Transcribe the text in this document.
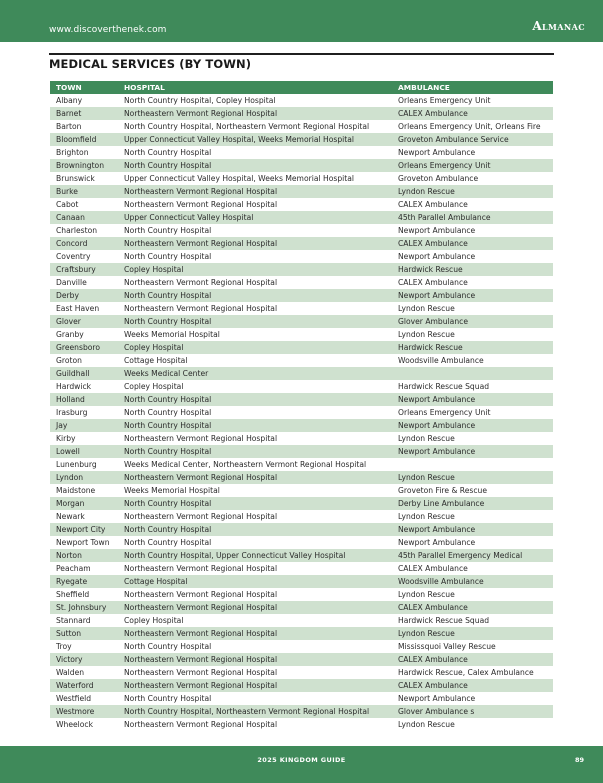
www.discoverthenek.com	Almanac
MEDICAL SERVICES (BY TOWN)
TOWN	HOSPITAL	AMBULANCE
Albany	North Country Hospital, Copley Hospital	Orleans Emergency Unit
Barnet	Northeastern Vermont Regional Hospital	CALEX Ambulance
Barton	North Country Hospital, Northeastern Vermont Regional Hospital	Orleans Emergency Unit, Orleans Fire
Bloomfield	Upper Connecticut Valley Hospital, Weeks Memorial Hospital	Groveton Ambulance Service
Brighton	North Country Hospital	Newport Ambulance
Brownington	North Country Hospital	Orleans Emergency Unit
Brunswick	Upper Connecticut Valley Hospital, Weeks Memorial Hospital	Groveton Ambulance
Burke	Northeastern Vermont Regional Hospital	Lyndon Rescue
Cabot	Northeastern Vermont Regional Hospital	CALEX Ambulance
Canaan	Upper Connecticut Valley Hospital	45th Parallel Ambulance
Charleston	North Country Hospital	Newport Ambulance
Concord	Northeastern Vermont Regional Hospital	CALEX Ambulance
Coventry	North Country Hospital	Newport Ambulance
Craftsbury	Copley Hospital	Hardwick Rescue
Danville	Northeastern Vermont Regional Hospital	CALEX Ambulance
Derby	North Country Hospital	Newport Ambulance
East Haven	Northeastern Vermont Regional Hospital	Lyndon Rescue
Glover	North Country Hospital	Glover Ambulance
Granby	Weeks Memorial Hospital	Lyndon Rescue
Greensboro	Copley Hospital	Hardwick Rescue
Groton	Cottage Hospital	Woodsville Ambulance
Guildhall	Weeks Medical Center	
Hardwick	Copley Hospital	Hardwick Rescue Squad
Holland	North Country Hospital	Newport Ambulance
Irasburg	North Country Hospital	Orleans Emergency Unit
Jay	North Country Hospital	Newport Ambulance
Kirby	Northeastern Vermont Regional Hospital	Lyndon Rescue
Lowell	North Country Hospital	Newport Ambulance
Lunenburg	Weeks Medical Center, Northeastern Vermont Regional Hospital	
Lyndon	Northeastern Vermont Regional Hospital	Lyndon Rescue
Maidstone	Weeks Memorial Hospital	Groveton Fire & Rescue
Morgan	North Country Hospital	Derby Line Ambulance
Newark	Northeastern Vermont Regional Hospital	Lyndon Rescue
Newport City	North Country Hospital	Newport Ambulance
Newport Town	North Country Hospital	Newport Ambulance
Norton	North Country Hospital, Upper Connecticut Valley Hospital	45th Parallel Emergency Medical
Peacham	Northeastern Vermont Regional Hospital	CALEX Ambulance
Ryegate	Cottage Hospital	Woodsville Ambulance
Sheffield	Northeastern Vermont Regional Hospital	Lyndon Rescue
St. Johnsbury	Northeastern Vermont Regional Hospital	CALEX Ambulance
Stannard	Copley Hospital	Hardwick Rescue Squad
Sutton	Northeastern Vermont Regional Hospital	Lyndon Rescue
Troy	North Country Hospital	Mississquoi Valley Rescue
Victory	Northeastern Vermont Regional Hospital	CALEX Ambulance
Walden	Northeastern Vermont Regional Hospital	Hardwick Rescue, Calex Ambulance
Waterford	Northeastern Vermont Regional Hospital	CALEX Ambulance
Westfield	North Country Hospital	Newport Ambulance
Westmore	North Country Hospital, Northeastern Vermont Regional Hospital	Glover Ambulance s
Wheelock	Northeastern Vermont Regional Hospital	Lyndon Rescue
2025 KINGDOM GUIDE	89
